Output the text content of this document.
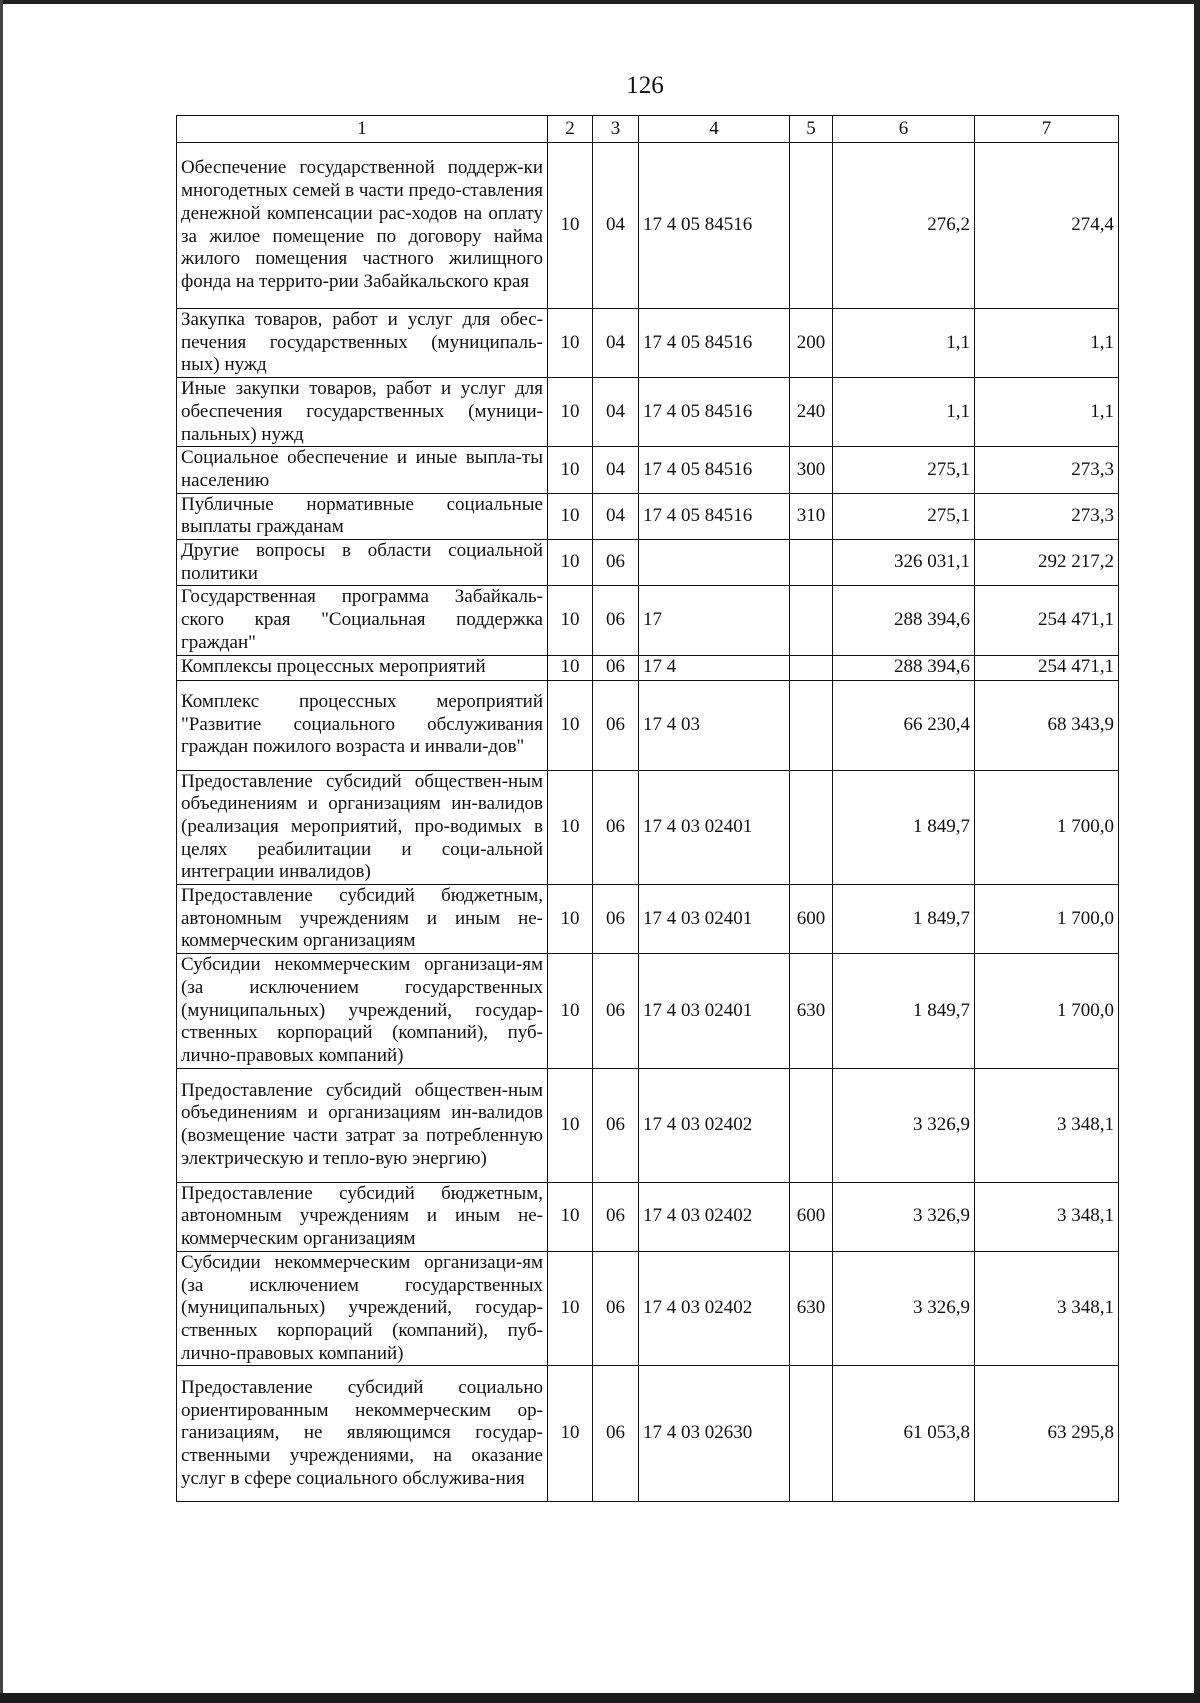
126
1	2	3	4	5	6	7
Обеспечение государственной поддерж-ки многодетных семей в части предо-ставления денежной компенсации рас-ходов на оплату за жилое помещение по договору найма жилого помещения частного жилищного фонда на террито-рии Забайкальского края	10	04	17 4 05 84516		276,2	274,4
Закупка товаров, работ и услуг для обес-печения государственных (муниципаль-ных) нужд	10	04	17 4 05 84516	200	1,1	1,1
Иные закупки товаров, работ и услуг для обеспечения государственных (муници-пальных) нужд	10	04	17 4 05 84516	240	1,1	1,1
Социальное обеспечение и иные выпла-ты населению	10	04	17 4 05 84516	300	275,1	273,3
Публичные нормативные социальные выплаты гражданам	10	04	17 4 05 84516	310	275,1	273,3
Другие вопросы в области социальной политики	10	06			326 031,1	292 217,2
Государственная программа Забайкаль-ского края "Социальная поддержка граждан"	10	06	17		288 394,6	254 471,1
Комплексы процессных мероприятий	10	06	17 4		288 394,6	254 471,1
Комплекс процессных мероприятий "Развитие социального обслуживания граждан пожилого возраста и инвали-дов"	10	06	17 4 03		66 230,4	68 343,9
Предоставление субсидий обществен-ным объединениям и организациям ин-валидов (реализация мероприятий, про-водимых в целях реабилитации и соци-альной интеграции инвалидов)	10	06	17 4 03 02401		1 849,7	1 700,0
Предоставление субсидий бюджетным, автономным учреждениям и иным не-коммерческим организациям	10	06	17 4 03 02401	600	1 849,7	1 700,0
Субсидии некоммерческим организаци-ям (за исключением государственных (муниципальных) учреждений, государ-ственных корпораций (компаний), пуб-лично-правовых компаний)	10	06	17 4 03 02401	630	1 849,7	1 700,0
Предоставление субсидий обществен-ным объединениям и организациям ин-валидов (возмещение части затрат за потребленную электрическую и тепло-вую энергию)	10	06	17 4 03 02402		3 326,9	3 348,1
Предоставление субсидий бюджетным, автономным учреждениям и иным не-коммерческим организациям	10	06	17 4 03 02402	600	3 326,9	3 348,1
Субсидии некоммерческим организаци-ям (за исключением государственных (муниципальных) учреждений, государ-ственных корпораций (компаний), пуб-лично-правовых компаний)	10	06	17 4 03 02402	630	3 326,9	3 348,1
Предоставление субсидий социально ориентированным некоммерческим ор-ганизациям, не являющимся государ-ственными учреждениями, на оказание услуг в сфере социального обслужива-ния	10	06	17 4 03 02630		61 053,8	63 295,8
